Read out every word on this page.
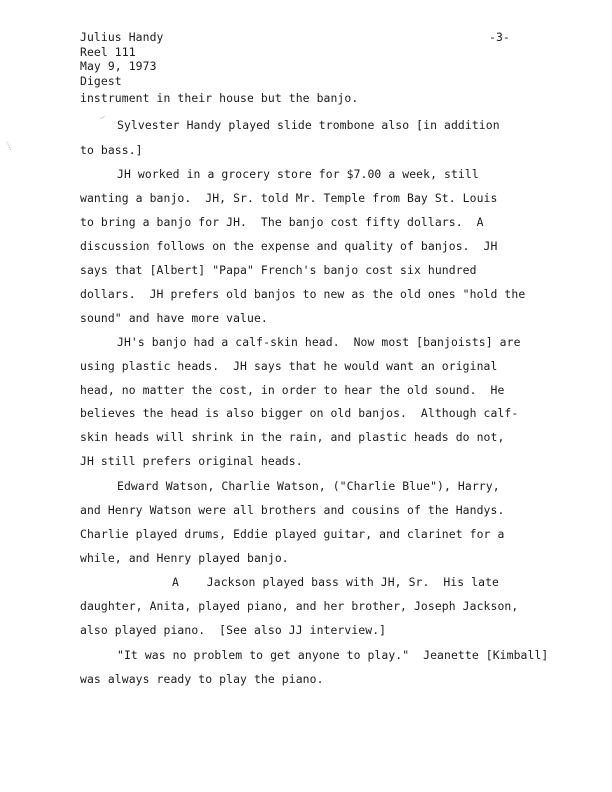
Julius Handy
Reel 111
May 9, 1973
Digest
-3-
instrument in their house but the banjo.
Sylvester Handy played slide trombone also [in addition
to bass.]
JH worked in a grocery store for $7.00 a week, still
wanting a banjo.  JH, Sr. told Mr. Temple from Bay St. Louis
to bring a banjo for JH.  The banjo cost fifty dollars.  A
discussion follows on the expense and quality of banjos.  JH
says that [Albert] "Papa" French's banjo cost six hundred
dollars.  JH prefers old banjos to new as the old ones "hold the
sound" and have more value.
JH's banjo had a calf-skin head.  Now most [banjoists] are
using plastic heads.  JH says that he would want an original
head, no matter the cost, in order to hear the old sound.  He
believes the head is also bigger on old banjos.  Although calf-
skin heads will shrink in the rain, and plastic heads do not,
JH still prefers original heads.
Edward Watson, Charlie Watson, ("Charlie Blue"), Harry,
and Henry Watson were all brothers and cousins of the Handys.
Charlie played drums, Eddie played guitar, and clarinet for a
while, and Henry played banjo.
A    Jackson played bass with JH, Sr.  His late
daughter, Anita, played piano, and her brother, Joseph Jackson,
also played piano.  [See also JJ interview.]
"It was no problem to get anyone to play."  Jeanette [Kimball]
was always ready to play the piano.
